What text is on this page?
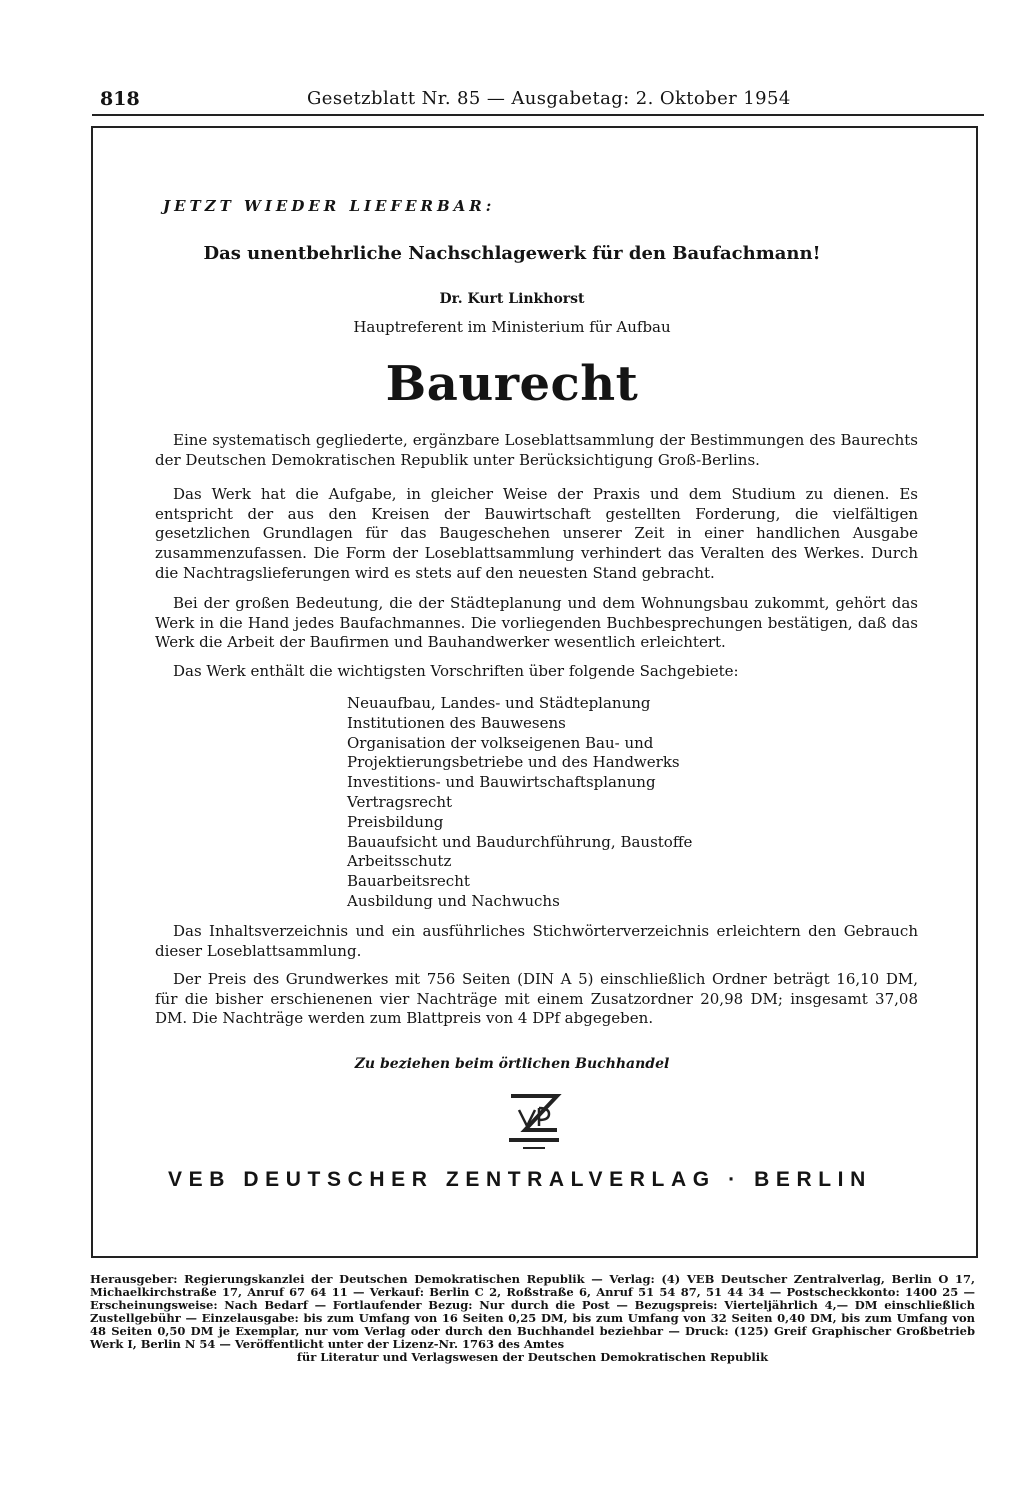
818	Gesetzblatt Nr. 85 — Ausgabetag: 2. Oktober 1954
JETZT WIEDER LIEFERBAR:
Das unentbehrliche Nachschlagewerk für den Baufachmann!
Dr. Kurt Linkhorst
Hauptreferent im Ministerium für Aufbau
Baurecht
Eine systematisch gegliederte, ergänzbare Loseblattsammlung der Bestimmungen des Baurechts der Deutschen Demokratischen Republik unter Berücksichtigung Groß-Berlins.
Das Werk hat die Aufgabe, in gleicher Weise der Praxis und dem Studium zu dienen. Es entspricht der aus den Kreisen der Bauwirtschaft gestellten Forderung, die vielfältigen gesetzlichen Grundlagen für das Baugeschehen unserer Zeit in einer handlichen Ausgabe zusammenzufassen. Die Form der Loseblattsammlung verhindert das Veralten des Werkes. Durch die Nachtragslieferungen wird es stets auf den neuesten Stand gebracht.
Bei der großen Bedeutung, die der Städteplanung und dem Wohnungsbau zukommt, gehört das Werk in die Hand jedes Baufachmannes. Die vorliegenden Buchbesprechungen bestätigen, daß das Werk die Arbeit der Baufirmen und Bauhandwerker wesentlich erleichtert.
Das Werk enthält die wichtigsten Vorschriften über folgende Sachgebiete:
Neuaufbau, Landes- und Städteplanung
Institutionen des Bauwesens
Organisation der volkseigenen Bau- und
Projektierungsbetriebe und des Handwerks
Investitions- und Bauwirtschaftsplanung
Vertragsrecht
Preisbildung
Bauaufsicht und Baudurchführung, Baustoffe
Arbeitsschutz
Bauarbeitsrecht
Ausbildung und Nachwuchs
Das Inhaltsverzeichnis und ein ausführliches Stichwörterverzeichnis erleichtern den Gebrauch dieser Loseblattsammlung.
Der Preis des Grundwerkes mit 756 Seiten (DIN A 5) einschließlich Ordner beträgt 16,10 DM, für die bisher erschienenen vier Nachträge mit einem Zusatzordner 20,98 DM; insgesamt 37,08 DM. Die Nachträge werden zum Blattpreis von 4 DPf abgegeben.
Zu beziehen beim örtlichen Buchhandel
VEB DEUTSCHER ZENTRALVERLAG · BERLIN
Herausgeber: Regierungskanzlei der Deutschen Demokratischen Republik — Verlag: (4) VEB Deutscher Zentralverlag, Berlin O 17, Michaelkirchstraße 17, Anruf 67 64 11 — Verkauf: Berlin C 2, Roßstraße 6, Anruf 51 54 87, 51 44 34 — Postscheckkonto: 1400 25 — Erscheinungsweise: Nach Bedarf — Fortlaufender Bezug: Nur durch die Post — Bezugspreis: Vierteljährlich 4,— DM einschließlich Zustellgebühr — Einzelausgabe: bis zum Umfang von 16 Seiten 0,25 DM, bis zum Umfang von 32 Seiten 0,40 DM, bis zum Umfang von 48 Seiten 0,50 DM je Exemplar, nur vom Verlag oder durch den Buchhandel beziehbar — Druck: (125) Greif Graphischer Großbetrieb Werk I, Berlin N 54 — Veröffentlicht unter der Lizenz-Nr. 1763 des Amtes
für Literatur und Verlagswesen der Deutschen Demokratischen Republik
